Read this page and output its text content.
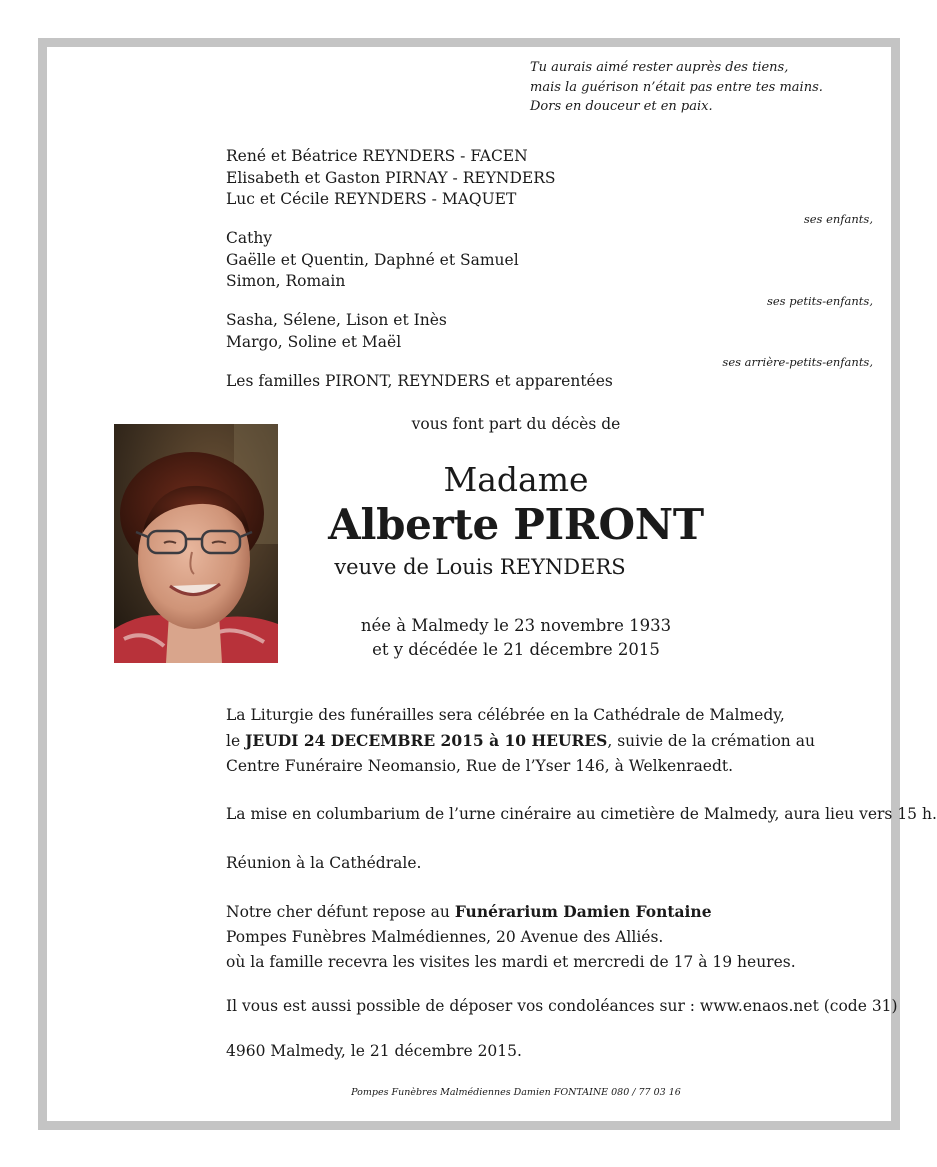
Tu aurais aimé rester auprès des tiens,
mais la guérison n’était pas entre tes mains.
Dors en douceur et en paix.
René et Béatrice REYNDERS - FACEN
Elisabeth et Gaston PIRNAY - REYNDERS
Luc et Cécile REYNDERS - MAQUET
ses enfants,
Cathy
Gaëlle et Quentin, Daphné et Samuel
Simon, Romain
ses petits-enfants,
Sasha, Sélene, Lison et Inès
Margo, Soline et Maël
ses arrière-petits-enfants,
Les familles PIRONT, REYNDERS et apparentées
vous font part du décès de
Madame
Alberte PIRONT
veuve de Louis REYNDERS
née à Malmedy le 23 novembre 1933
et y décédée le 21 décembre 2015
La Liturgie des funérailles sera célébrée en la Cathédrale de Malmedy,
le JEUDI 24 DECEMBRE 2015 à 10 HEURES, suivie de la crémation au
Centre Funéraire Neomansio, Rue de l’Yser 146, à Welkenraedt.
La mise en columbarium de l’urne cinéraire au cimetière de Malmedy, aura lieu vers 15 h.
Réunion à la Cathédrale.
Notre cher défunt repose au Funérarium Damien Fontaine
Pompes Funèbres Malmédiennes, 20 Avenue des Alliés.
où la famille recevra les visites les mardi et mercredi de 17 à 19 heures.
Il vous est aussi possible de déposer vos condoléances sur : www.enaos.net (code 31)
4960 Malmedy, le 21 décembre 2015.
Pompes Funèbres Malmédiennes Damien FONTAINE 080 / 77 03 16
